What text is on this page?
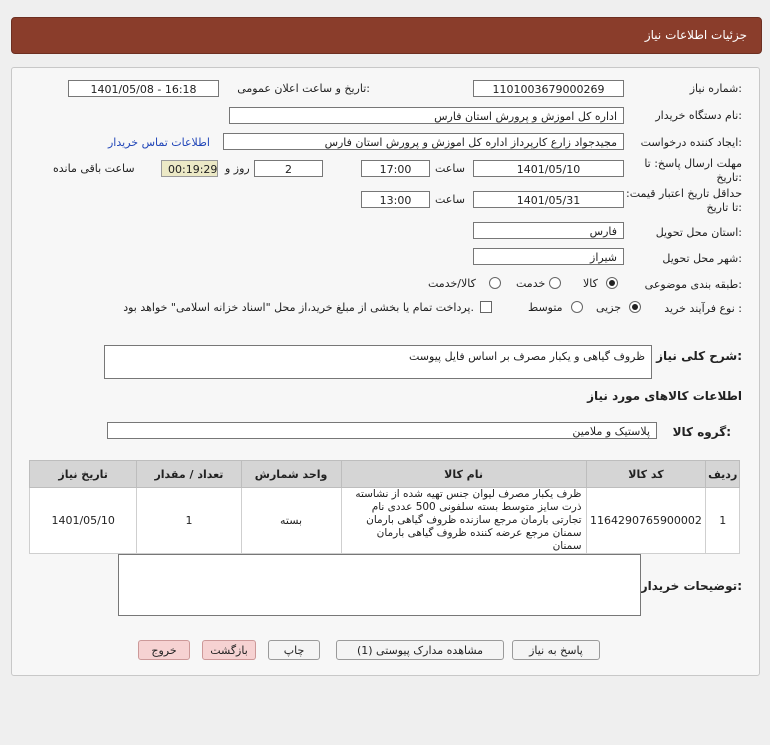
جزئیات اطلاعات نیاز
شماره نیاز:
1101003679000269
تاریخ و ساعت اعلان عمومی:
1401/05/08 - 16:18
نام دستگاه خریدار:
اداره کل اموزش و پرورش استان فارس
ایجاد کننده درخواست:
مجیدجواد زارع کارپرداز اداره کل اموزش و پرورش استان فارس
اطلاعات تماس خریدار
مهلت ارسال پاسخ: تا تاریخ:
1401/05/10
ساعت
17:00
2
روز و
00:19:29
ساعت باقی مانده
حداقل تاریخ اعتبار قیمت: تا تاریخ:
1401/05/31
ساعت
13:00
استان محل تحویل:
فارس
شهر محل تحویل:
شیراز
طبقه بندی موضوعی:
کالا
خدمت
کالا/خدمت
نوع فرآیند خرید :
جزیی
متوسط
پرداخت تمام یا بخشی از مبلغ خرید،از محل "اسناد خزانه اسلامی" خواهد بود.
شرح کلی نیاز:
ظروف گیاهی و یکبار مصرف بر اساس فایل پیوست
اطلاعات کالاهای مورد نیاز
گروه کالا:
پلاستیک و ملامین
تاریخ نیاز	تعداد / مقدار	واحد شمارش	نام کالا	کد کالا	ردیف
1401/05/10	1	بسته	ظرف یکبار مصرف لیوان جنس تهیه شده از نشاسته ذرت سایز متوسط بسته سلفونی 500 عددی نام تجارتی بارمان مرجع سازنده ظروف گیاهی بارمان سمنان مرجع عرضه کننده ظروف گیاهی بارمان سمنان	1164290765900002	1
توضیحات خریدار:
پاسخ به نیاز
مشاهده مدارک پیوستی (1)
چاپ
بازگشت
خروج
